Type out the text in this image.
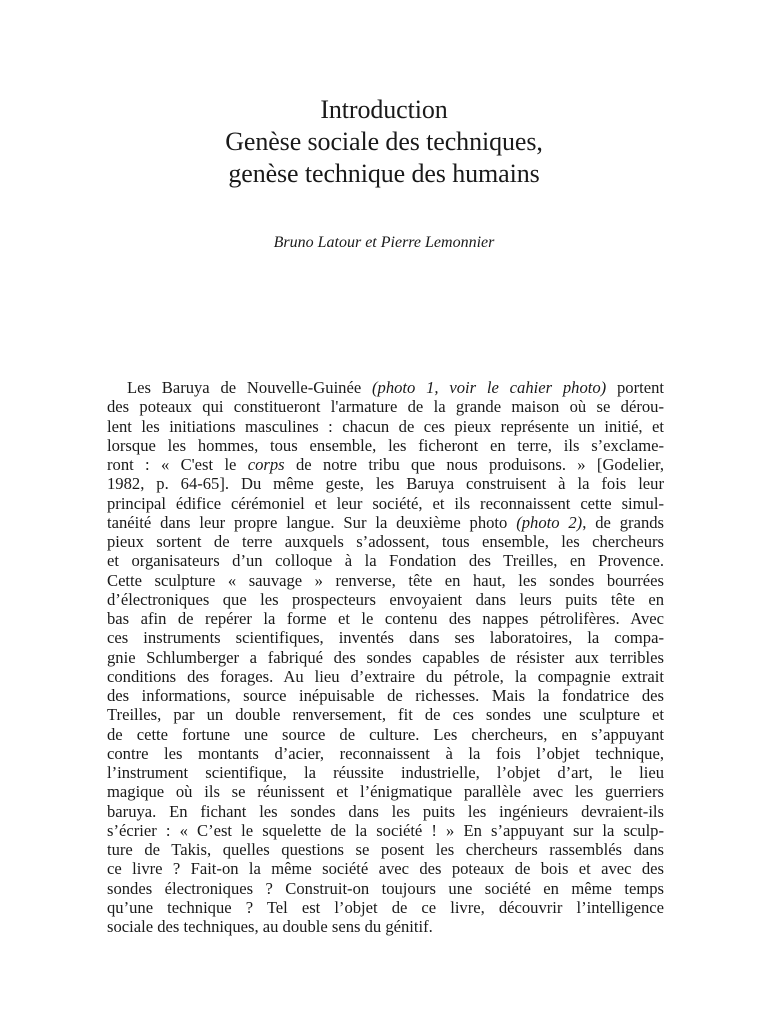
Introduction
Genèse sociale des techniques,
genèse technique des humains
Bruno Latour et Pierre Lemonnier
Les Baruya de Nouvelle-Guinée (photo 1, voir le cahier photo) portent
des poteaux qui constitueront l'armature de la grande maison où se dérou-
lent les initiations masculines : chacun de ces pieux représente un initié, et
lorsque les hommes, tous ensemble, les ficheront en terre, ils s’exclame-
ront : « C'est le corps de notre tribu que nous produisons. » [Godelier,
1982, p. 64-65]. Du même geste, les Baruya construisent à la fois leur
principal édifice cérémoniel et leur société, et ils reconnaissent cette simul-
tanéité dans leur propre langue. Sur la deuxième photo (photo 2), de grands
pieux sortent de terre auxquels s’adossent, tous ensemble, les chercheurs
et organisateurs d’un colloque à la Fondation des Treilles, en Provence.
Cette sculpture « sauvage » renverse, tête en haut, les sondes bourrées
d’électroniques que les prospecteurs envoyaient dans leurs puits tête en
bas afin de repérer la forme et le contenu des nappes pétrolifères. Avec
ces instruments scientifiques, inventés dans ses laboratoires, la compa-
gnie Schlumberger a fabriqué des sondes capables de résister aux terribles
conditions des forages. Au lieu d’extraire du pétrole, la compagnie extrait
des informations, source inépuisable de richesses. Mais la fondatrice des
Treilles, par un double renversement, fit de ces sondes une sculpture et
de cette fortune une source de culture. Les chercheurs, en s’appuyant
contre les montants d’acier, reconnaissent à la fois l’objet technique,
l’instrument scientifique, la réussite industrielle, l’objet d’art, le lieu
magique où ils se réunissent et l’énigmatique parallèle avec les guerriers
baruya. En fichant les sondes dans les puits les ingénieurs devraient-ils
s’écrier : « C’est le squelette de la société ! » En s’appuyant sur la sculp-
ture de Takis, quelles questions se posent les chercheurs rassemblés dans
ce livre ? Fait-on la même société avec des poteaux de bois et avec des
sondes électroniques ? Construit-on toujours une société en même temps
qu’une technique ? Tel est l’objet de ce livre, découvrir l’intelligence
sociale des techniques, au double sens du génitif.
